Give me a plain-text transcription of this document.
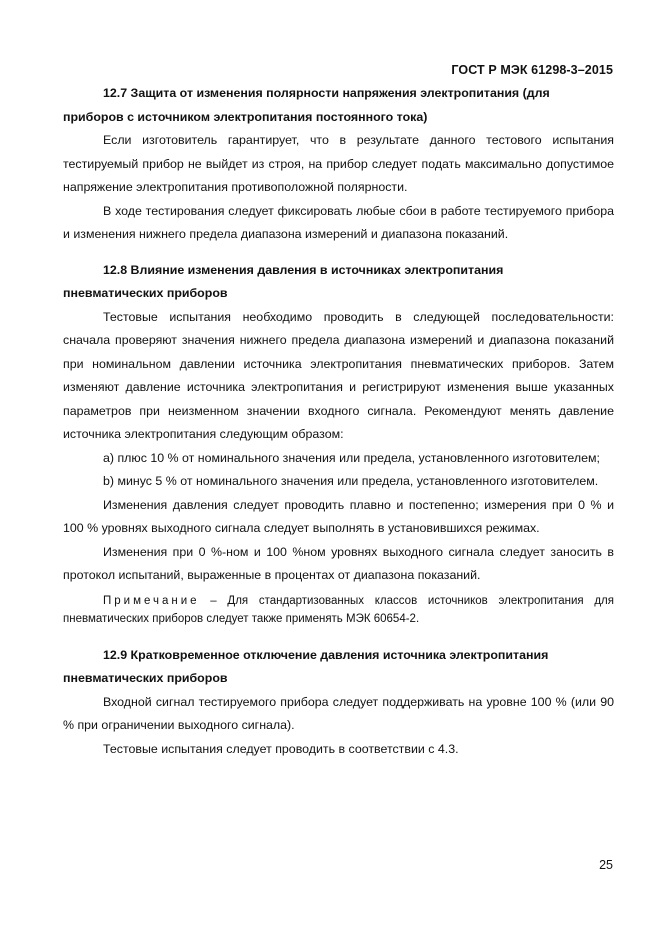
ГОСТ Р МЭК 61298-3–2015

12.7 Защита от изменения полярности напряжения электропитания (для
приборов с источником электропитания постоянного тока)

Если изготовитель гарантирует, что в результате данного тестового испытания тестируемый прибор не выйдет из строя, на прибор следует подать максимально допустимое напряжение электропитания противоположной полярности.

В ходе тестирования следует фиксировать любые сбои в работе тестируемого прибора и изменения нижнего предела диапазона измерений и диапазона показаний.

12.8 Влияние изменения давления в источниках электропитания
пневматических приборов

Тестовые испытания необходимо проводить в следующей последовательности: сначала проверяют значения нижнего предела диапазона измерений и диапазона показаний при номинальном давлении источника электропитания пневматических приборов. Затем изменяют давление источника электропитания и регистрируют изменения выше указанных параметров при неизменном значении входного сигнала. Рекомендуют менять давление источника электропитания следующим образом:

а) плюс 10 % от номинального значения или предела, установленного изготовителем;

b) минус 5 % от номинального значения или предела, установленного изготовителем.

Изменения давления следует проводить плавно и постепенно; измерения при 0 % и 100 % уровнях выходного сигнала следует выполнять в установившихся режимах.

Изменения при 0 %-ном и 100 %ном уровнях выходного сигнала следует заносить в протокол испытаний, выраженные в процентах от диапазона показаний.

Примечание – Для стандартизованных классов источников электропитания для пневматических приборов следует также применять МЭК 60654-2.

12.9 Кратковременное отключение давления источника электропитания
пневматических приборов

Входной сигнал тестируемого прибора следует поддерживать на уровне 100 % (или 90 % при ограничении выходного сигнала).

Тестовые испытания следует проводить в соответствии с 4.3.

25
